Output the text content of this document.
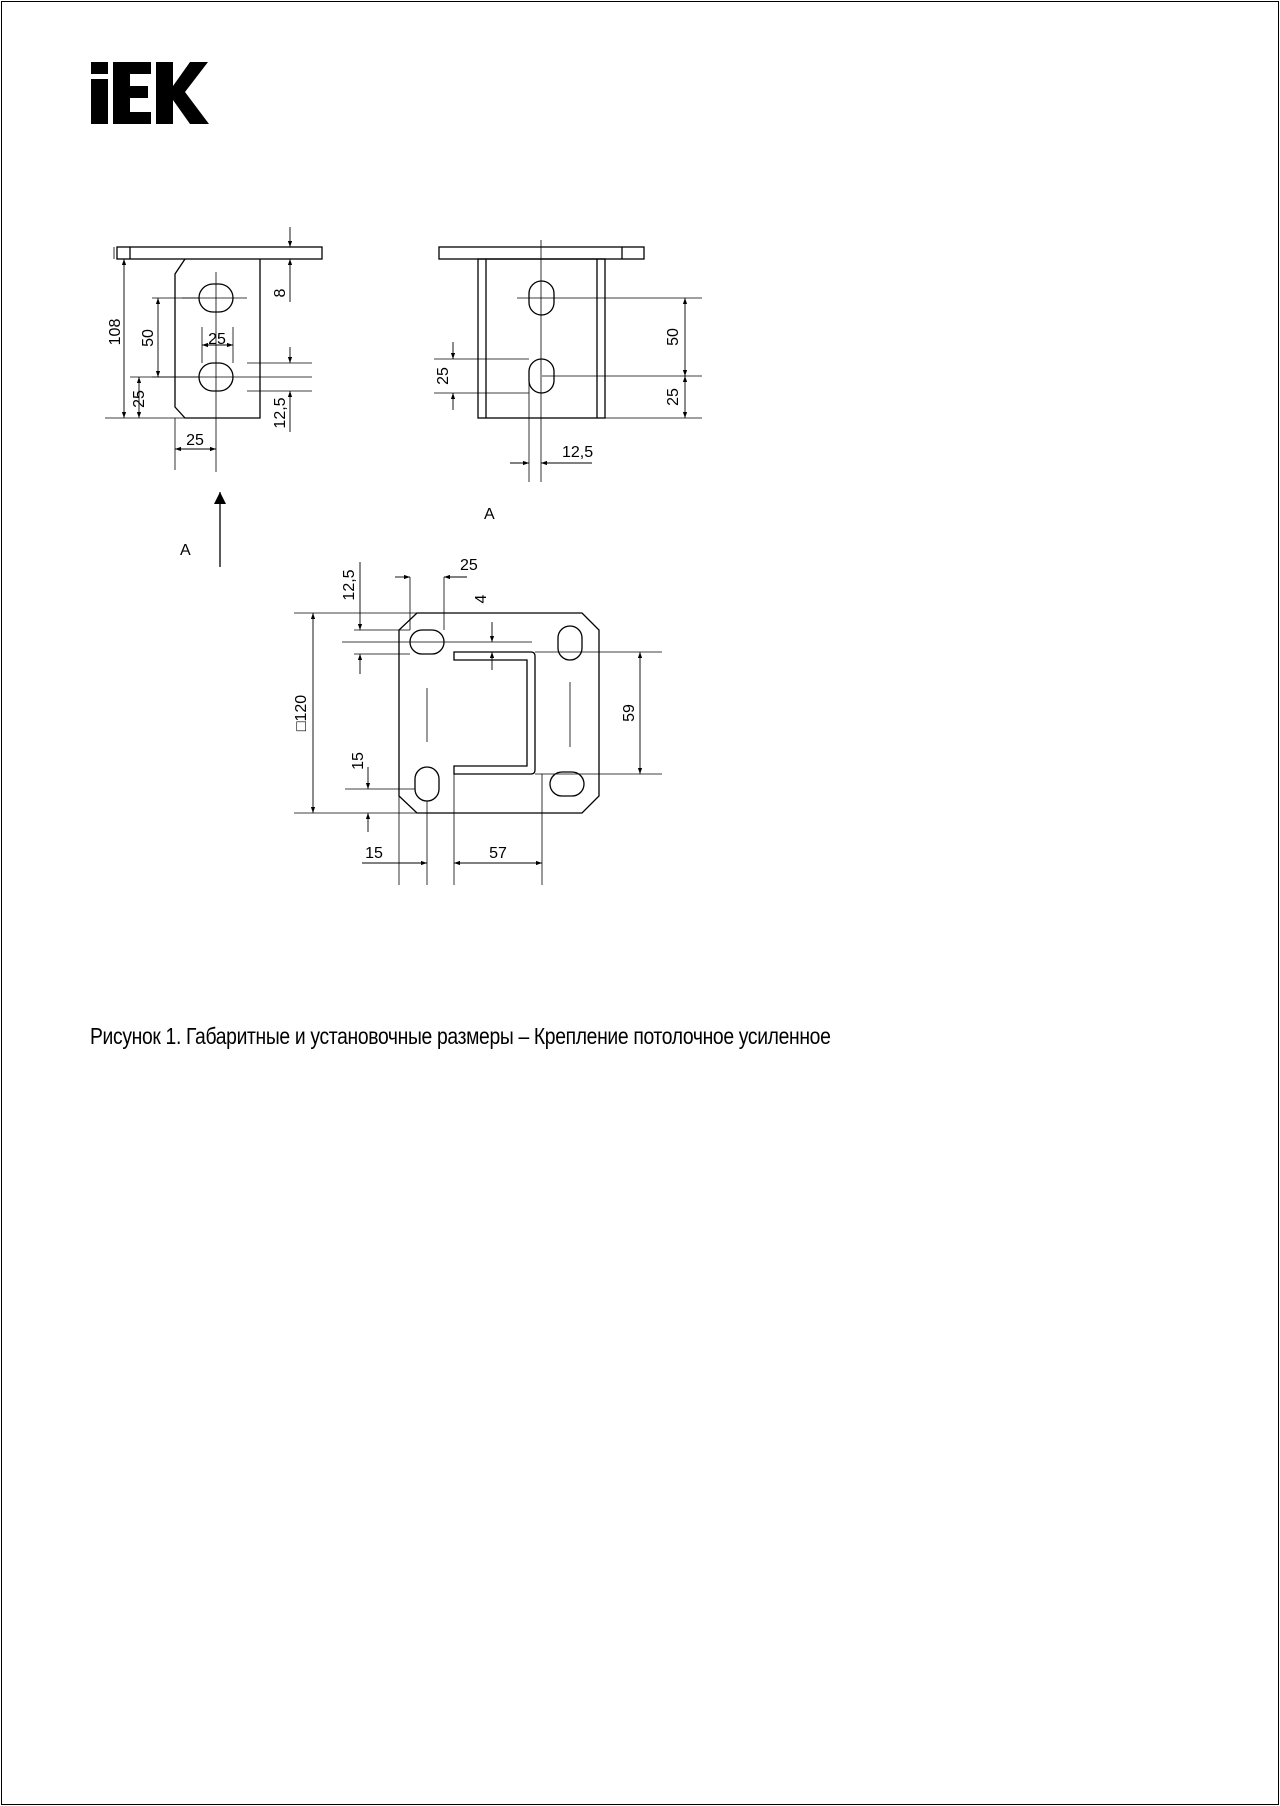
108 50
25
25
25
8
12,5
A
50
25
25
12,5
A
□120
12,5
25
4
59
15
15	57

Рисунок 1. Габаритные и установочные размеры – Крепление потолочное усиленное
